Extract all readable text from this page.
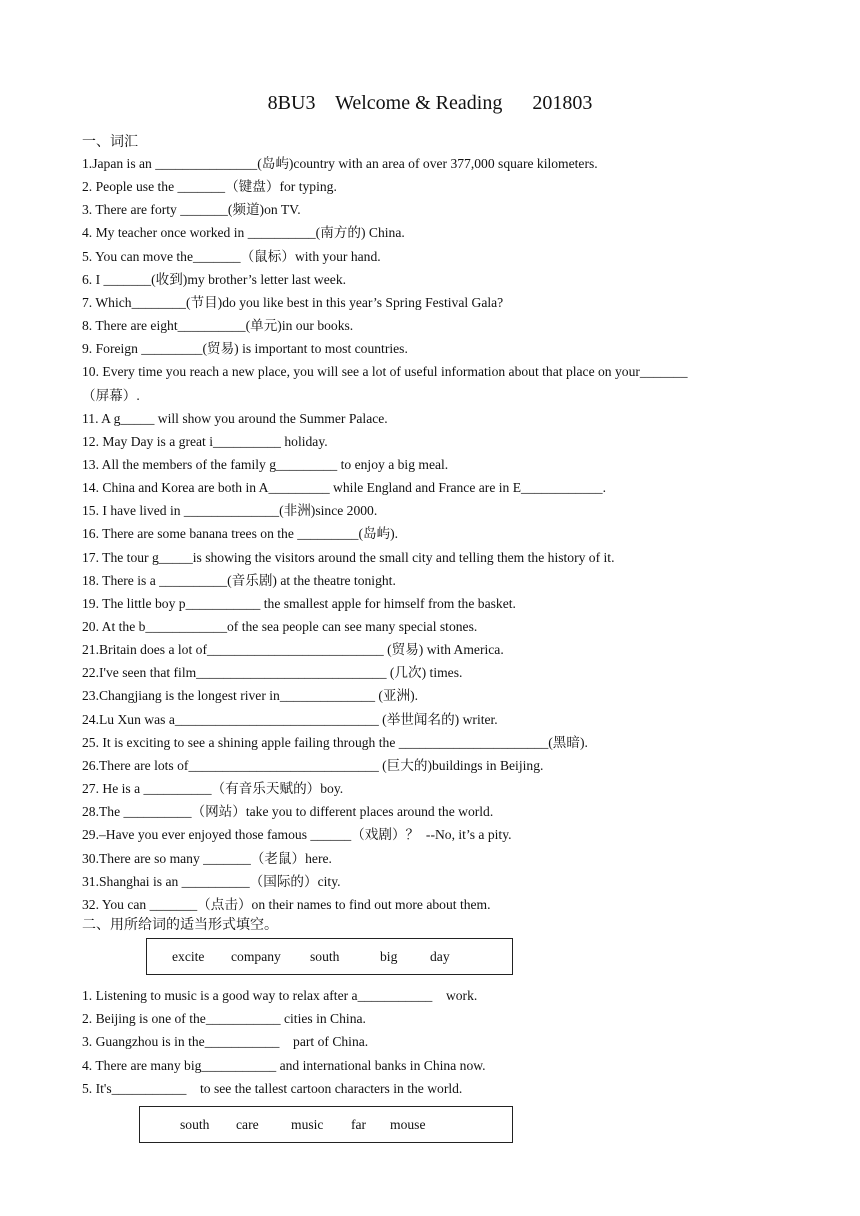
8BU3    Welcome & Reading      201803
一、词汇
1.Japan is an _______________(岛屿)country with an area of over 377,000 square kilometers.
2. People use the _______（键盘）for typing.
3. There are forty _______(频道)on TV.
4. My teacher once worked in __________(南方的) China.
5. You can move the_______（鼠标）with your hand.
6. I _______(收到)my brother’s letter last week.
7. Which________(节目)do you like best in this year’s Spring Festival Gala?
8. There are eight__________(单元)in our books.
9. Foreign _________(贸易) is important to most countries.
10. Every time you reach a new place, you will see a lot of useful information about that place on your_______
（屏幕）.
11. A g_____ will show you around the Summer Palace.
12. May Day is a great i__________ holiday.
13. All the members of the family g_________ to enjoy a big meal.
14. China and Korea are both in A_________ while England and France are in E____________.
15. I have lived in ______________(非洲)since 2000.
16. There are some banana trees on the _________(岛屿).
17. The tour g_____is showing the visitors around the small city and telling them the history of it.
18. There is a __________(音乐剧) at the theatre tonight.
19. The little boy p___________ the smallest apple for himself from the basket.
20. At the b____________of the sea people can see many special stones.
21.Britain does a lot of__________________________ (贸易) with America.
22.I've seen that film____________________________ (几次) times.
23.Changjiang is the longest river in______________ (亚洲).
24.Lu Xun was a______________________________ (举世闻名的) writer.
25. It is exciting to see a shining apple failing through the ______________________(黑暗).
26.There are lots of____________________________ (巨大的)buildings in Beijing.
27. He is a __________（有音乐天赋的）boy.
28.The __________（网站）take you to different places around the world.
29.–Have you ever enjoyed those famous ______（戏剧）？  --No, it’s a pity.
30.There are so many _______（老鼠）here.
31.Shanghai is an __________（国际的）city.
32. You can _______（点击）on their names to find out more about them.
二、用所给词的适当形式填空。
excite company south	big day
1. Listening to music is a good way to relax after a___________    work.
2. Beijing is one of the___________ cities in China.
3. Guangzhou is in the___________    part of China.
4. There are many big___________ and international banks in China now.
5. It's___________    to see the tallest cartoon characters in the world.
south care music far mouse
